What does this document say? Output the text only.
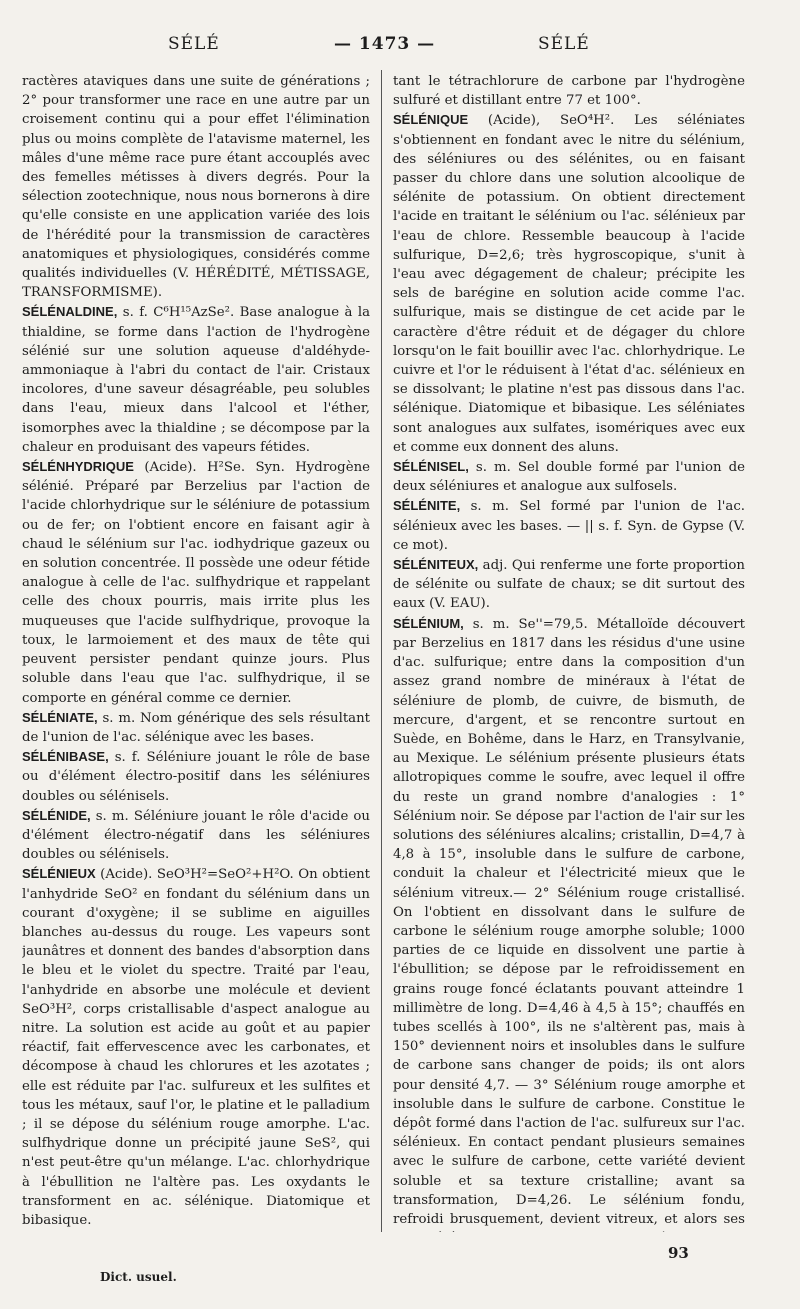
SÉLÉ	— 1473 —	SÉLÉ

ractères ataviques dans une suite de générations ; 2° pour transformer une race en une autre par un croisement continu qui a pour effet l'élimination plus ou moins complète de l'atavisme maternel, les mâles d'une même race pure étant accouplés avec des femelles métisses à divers degrés. Pour la sélection zootechnique, nous nous bornerons à dire qu'elle consiste en une application variée des lois de l'hérédité pour la transmission de caractères anatomiques et physiologiques, considérés comme qualités individuelles (V. HÉRÉDITÉ, MÉTISSAGE, TRANSFORMISME).

SÉLÉNALDINE, s. f. C⁶H¹⁵AzSe². Base analogue à la thialdine, se forme dans l'action de l'hydrogène sélénié sur une solution aqueuse d'aldéhyde-ammoniaque à l'abri du contact de l'air. Cristaux incolores, d'une saveur désagréable, peu solubles dans l'eau, mieux dans l'alcool et l'éther, isomorphes avec la thialdine ; se décompose par la chaleur en produisant des vapeurs fétides.

SÉLÉNHYDRIQUE (Acide). H²Se. Syn. Hydrogène sélénié. Préparé par Berzelius par l'action de l'acide chlorhydrique sur le séléniure de potassium ou de fer; on l'obtient encore en faisant agir à chaud le sélénium sur l'ac. iodhydrique gazeux ou en solution concentrée. Il possède une odeur fétide analogue à celle de l'ac. sulfhydrique et rappelant celle des choux pourris, mais irrite plus les muqueuses que l'acide sulfhydrique, provoque la toux, le larmoiement et des maux de tête qui peuvent persister pendant quinze jours. Plus soluble dans l'eau que l'ac. sulfhydrique, il se comporte en général comme ce dernier.

SÉLÉNIATE, s. m. Nom générique des sels résultant de l'union de l'ac. sélénique avec les bases.

SÉLÉNIBASE, s. f. Séléniure jouant le rôle de base ou d'élément électro-positif dans les séléniures doubles ou sélénisels.

SÉLÉNIDE, s. m. Séléniure jouant le rôle d'acide ou d'élément électro-négatif dans les séléniures doubles ou sélénisels.

SÉLÉNIEUX (Acide). SeO³H²=SeO²+H²O. On obtient l'anhydride SeO² en fondant du sélénium dans un courant d'oxygène; il se sublime en aiguilles blanches au-dessus du rouge. Les vapeurs sont jaunâtres et donnent des bandes d'absorption dans le bleu et le violet du spectre. Traité par l'eau, l'anhydride en absorbe une molécule et devient SeO³H², corps cristallisable d'aspect analogue au nitre. La solution est acide au goût et au papier réactif, fait effervescence avec les carbonates, et décompose à chaud les chlorures et les azotates ; elle est réduite par l'ac. sulfureux et les sulfites et tous les métaux, sauf l'or, le platine et le palladium ; il se dépose du sélénium rouge amorphe. L'ac. sulfhydrique donne un précipité jaune SeS², qui n'est peut-être qu'un mélange. L'ac. chlorhydrique à l'ébullition ne l'altère pas. Les oxydants le transforment en ac. sélénique. Diatomique et bibasique.

tant le tétrachlorure de carbone par l'hydrogène sulfuré et distillant entre 77 et 100°.

SÉLÉNIQUE (Acide), SeO⁴H². Les séléniates s'obtiennent en fondant avec le nitre du sélénium, des séléniures ou des sélénites, ou en faisant passer du chlore dans une solution alcoolique de sélénite de potassium. On obtient directement l'acide en traitant le sélénium ou l'ac. sélénieux par l'eau de chlore. Ressemble beaucoup à l'acide sulfurique, D=2,6; très hygroscopique, s'unit à l'eau avec dégagement de chaleur; précipite les sels de barégine en solution acide comme l'ac. sulfurique, mais se distingue de cet acide par le caractère d'être réduit et de dégager du chlore lorsqu'on le fait bouillir avec l'ac. chlorhydrique. Le cuivre et l'or le réduisent à l'état d'ac. sélénieux en se dissolvant; le platine n'est pas dissous dans l'ac. sélénique. Diatomique et bibasique. Les séléniates sont analogues aux sulfates, isomériques avec eux et comme eux donnent des aluns.

SÉLÉNISEL, s. m. Sel double formé par l'union de deux séléniures et analogue aux sulfosels.

SÉLÉNITE, s. m. Sel formé par l'union de l'ac. sélénieux avec les bases. — || s. f. Syn. de Gypse (V. ce mot).

SÉLÉNITEUX, adj. Qui renferme une forte proportion de sélénite ou sulfate de chaux; se dit surtout des eaux (V. EAU).

SÉLÉNIUM, s. m. Se''=79,5. Métalloïde découvert par Berzelius en 1817 dans les résidus d'une usine d'ac. sulfurique; entre dans la composition d'un assez grand nombre de minéraux à l'état de séléniure de plomb, de cuivre, de bismuth, de mercure, d'argent, et se rencontre surtout en Suède, en Bohême, dans le Harz, en Transylvanie, au Mexique. Le sélénium présente plusieurs états allotropiques comme le soufre, avec lequel il offre du reste un grand nombre d'analogies : 1° Sélénium noir. Se dépose par l'action de l'air sur les solutions des séléniures alcalins; cristallin, D=4,7 à 4,8 à 15°, insoluble dans le sulfure de carbone, conduit la chaleur et l'électricité mieux que le sélénium vitreux.— 2° Sélénium rouge cristallisé. On l'obtient en dissolvant dans le sulfure de carbone le sélénium rouge amorphe soluble; 1000 parties de ce liquide en dissolvent une partie à l'ébullition; se dépose par le refroidissement en grains rouge foncé éclatants pouvant atteindre 1 millimètre de long. D=4,46 à 4,5 à 15°; chauffés en tubes scellés à 100°, ils ne s'altèrent pas, mais à 150° deviennent noirs et insolubles dans le sulfure de carbone sans changer de poids; ils ont alors pour densité 4,7. — 3° Sélénium rouge amorphe et insoluble dans le sulfure de carbone. Constitue le dépôt formé dans l'action de l'ac. sulfureux sur l'ac. sélénieux. En contact pendant plusieurs semaines avec le sulfure de carbone, cette variété devient soluble et sa texture cristalline; avant sa transformation, D=4,26. Le sélénium fondu, refroidi brusquement, devient vitreux, et alors ses

Dict. usuel.
93
